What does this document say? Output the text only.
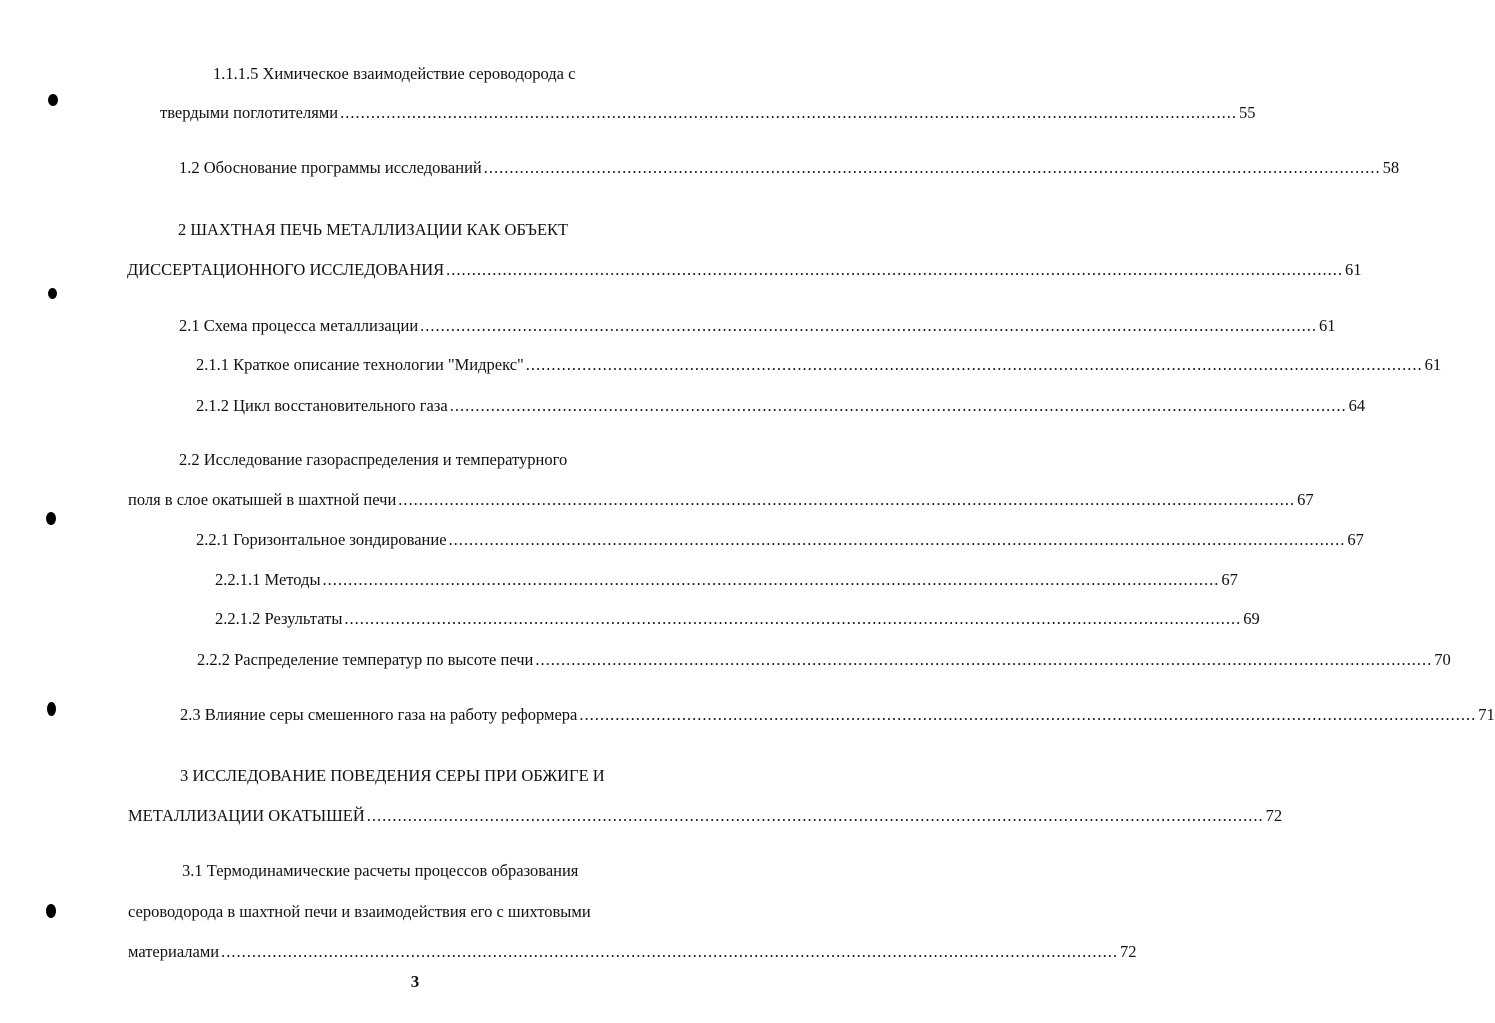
1.1.1.5 Химическое взаимодействие сероводорода с
твердыми поглотителями ............................................................................................................................................................................... 55
1.2 Обоснование программы исследований ............................................................................................................................................................................... 58
2 ШАХТНАЯ ПЕЧЬ МЕТАЛЛИЗАЦИИ КАК ОБЪЕКТ
ДИССЕРТАЦИОННОГО ИССЛЕДОВАНИЯ ............................................................................................................................................................................... 61
2.1 Схема процесса металлизации ............................................................................................................................................................................... 61
2.1.1 Краткое описание технологии "Мидрекс" ............................................................................................................................................................................... 61
2.1.2 Цикл восстановительного газа ............................................................................................................................................................................... 64
2.2 Исследование газораспределения и температурного
поля в слое окатышей в шахтной печи ............................................................................................................................................................................... 67
2.2.1 Горизонтальное зондирование ............................................................................................................................................................................... 67
2.2.1.1 Методы ............................................................................................................................................................................... 67
2.2.1.2 Результаты ............................................................................................................................................................................... 69
2.2.2 Распределение температур по высоте печи ............................................................................................................................................................................... 70
2.3 Влияние серы смешенного газа на работу реформера ............................................................................................................................................................................... 71
3 ИССЛЕДОВАНИЕ ПОВЕДЕНИЯ СЕРЫ ПРИ ОБЖИГЕ И
МЕТАЛЛИЗАЦИИ ОКАТЫШЕЙ ............................................................................................................................................................................... 72
3.1 Термодинамические расчеты процессов образования
сероводорода в шахтной печи и взаимодействия его с шихтовыми
материалами ............................................................................................................................................................................... 72
3
